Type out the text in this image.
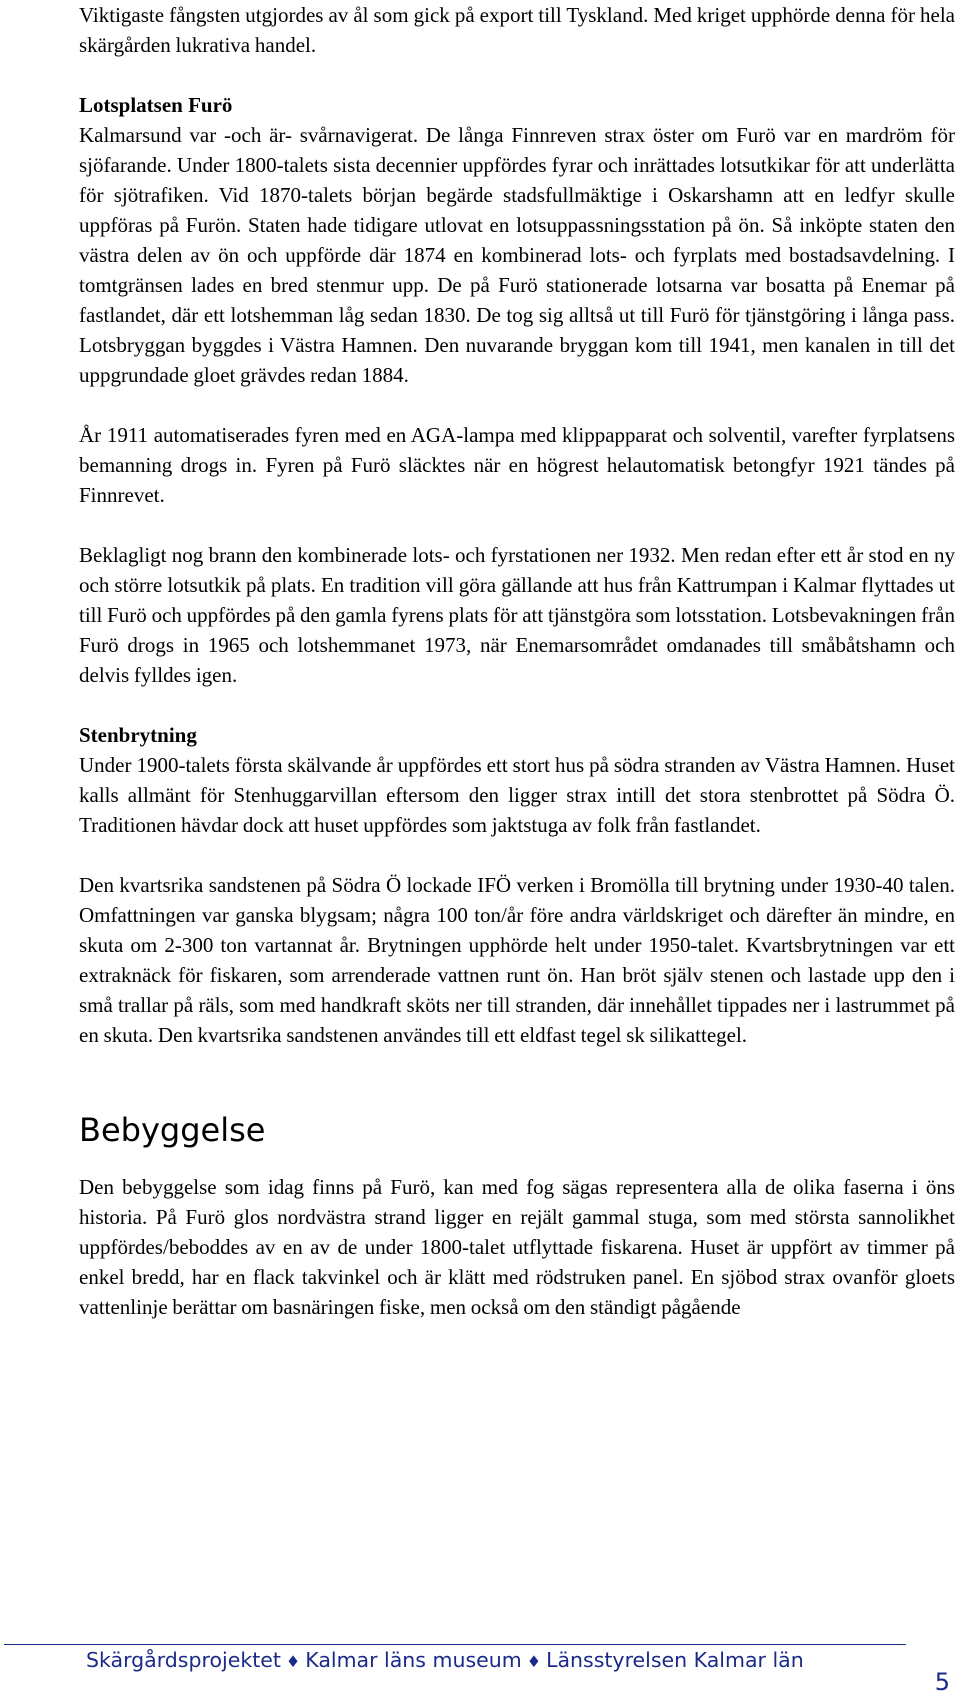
Viktigaste fångsten utgjordes av ål som gick på export till Tyskland. Med kriget upphörde denna för hela skärgården lukrativa handel.

Lotsplatsen Furö

Kalmarsund var -och är- svårnavigerat. De långa Finnreven strax öster om Furö var en mardröm för sjöfarande. Under 1800-talets sista decennier uppfördes fyrar och inrättades lotsutkikar för att underlätta för sjötrafiken. Vid 1870-talets början begärde stadsfullmäktige i Oskarshamn att en ledfyr skulle uppföras på Furön. Staten hade tidigare utlovat en lotsuppassningsstation på ön. Så inköpte staten den västra delen av ön och uppförde där 1874 en kombinerad lots- och fyrplats med bostadsavdelning. I tomtgränsen lades en bred stenmur upp. De på Furö stationerade lotsarna var bosatta på Enemar på fastlandet, där ett lotshemman låg sedan 1830. De tog sig alltså ut till Furö för tjänstgöring i långa pass. Lotsbryggan byggdes i Västra Hamnen. Den nuvarande bryggan kom till 1941, men kanalen in till det uppgrundade gloet grävdes redan 1884.

År 1911 automatiserades fyren med en AGA-lampa med klippapparat och solventil, varefter fyrplatsens bemanning drogs in. Fyren på Furö släcktes när en högrest helautomatisk betongfyr 1921 tändes på Finnrevet.

Beklagligt nog brann den kombinerade lots- och fyrstationen ner 1932. Men redan efter ett år stod en ny och större lotsutkik på plats. En tradition vill göra gällande att hus från Kattrumpan i Kalmar flyttades ut till Furö och uppfördes på den gamla fyrens plats för att tjänstgöra som lotsstation. Lotsbevakningen från Furö drogs in 1965 och lotshemmanet 1973, när Enemarsområdet omdanades till småbåtshamn och delvis fylldes igen.

Stenbrytning

Under 1900-talets första skälvande år uppfördes ett stort hus på södra stranden av Västra Hamnen. Huset kalls allmänt för Stenhuggarvillan eftersom den ligger strax intill det stora stenbrottet på Södra Ö. Traditionen hävdar dock att huset uppfördes som jaktstuga av folk från fastlandet.

Den kvartsrika sandstenen på Södra Ö lockade IFÖ verken i Bromölla till brytning under 1930-40 talen. Omfattningen var ganska blygsam; några 100 ton/år före andra världskriget och därefter än mindre, en skuta om 2-300 ton vartannat år. Brytningen upphörde helt under 1950-talet. Kvartsbrytningen var ett extraknäck för fiskaren, som arrenderade vattnen runt ön. Han bröt själv stenen och lastade upp den i små trallar på räls, som med handkraft sköts ner till stranden, där innehållet tippades ner i lastrummet på en skuta. Den kvartsrika sandstenen användes till ett eldfast tegel sk silikattegel.

Bebyggelse

Den bebyggelse som idag finns på Furö, kan med fog sägas representera alla de olika faserna i öns historia. På Furö glos nordvästra strand ligger en rejält gammal stuga, som med största sannolikhet uppfördes/beboddes av en av de under 1800-talet utflyttade fiskarena. Huset är uppfört av timmer på enkel bredd, har en flack takvinkel och är klätt med rödstruken panel. En sjöbod strax ovanför gloets vattenlinje berättar om basnäringen fiske, men också om den ständigt pågående

Skärgårdsprojektet ♦ Kalmar läns museum ♦ Länsstyrelsen Kalmar län
5
